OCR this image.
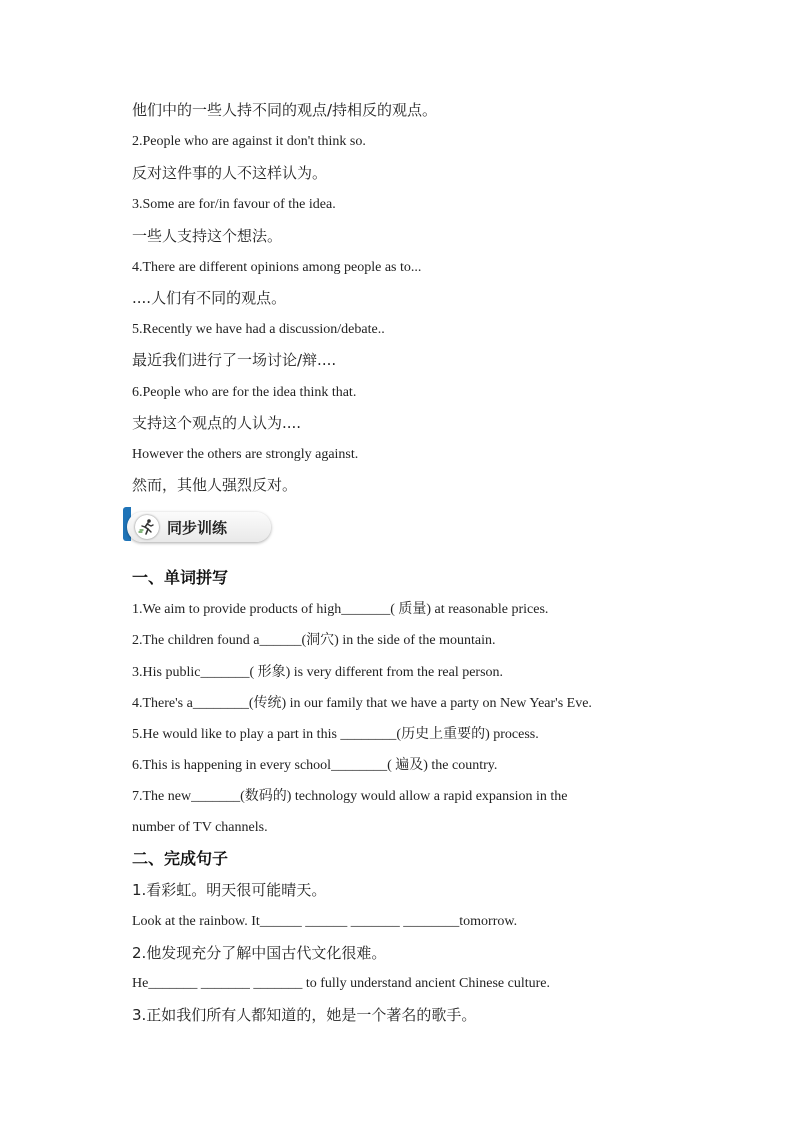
他们中的一些人持不同的观点/持相反的观点。
2.People who are against it don't think so.
反对这件事的人不这样认为。
3.Some are for/in favour of the idea.
一些人支持这个想法。
4.There are different opinions among people as to...
....人们有不同的观点。
5.Recently we have had a discussion/debate..
最近我们进行了一场讨论/辩....
6.People who are for the idea think that.
支持这个观点的人认为....
However the others are strongly against.
然而，其他人强烈反对。
同步训练
一、单词拼写
1.We aim to provide products of high_______( 质量) at reasonable prices.
2.The children found a______(洞穴) in the side of the mountain.
3.His public_______( 形象) is very different from the real person.
4.There's a________(传统) in our family that we have a party on New Year's Eve.
5.He would like to play a part in this ________(历史上重要的) process.
6.This is happening in every school________( 遍及) the country.
7.The new_______(数码的) technology would allow a rapid expansion in the
number of TV channels.
二、完成句子
1.看彩虹。明天很可能晴天。
Look at the rainbow. It______ ______ _______ ________tomorrow.
2.他发现充分了解中国古代文化很难。
He_______ _______ _______ to fully understand ancient Chinese culture.
3.正如我们所有人都知道的，她是一个著名的歌手。
